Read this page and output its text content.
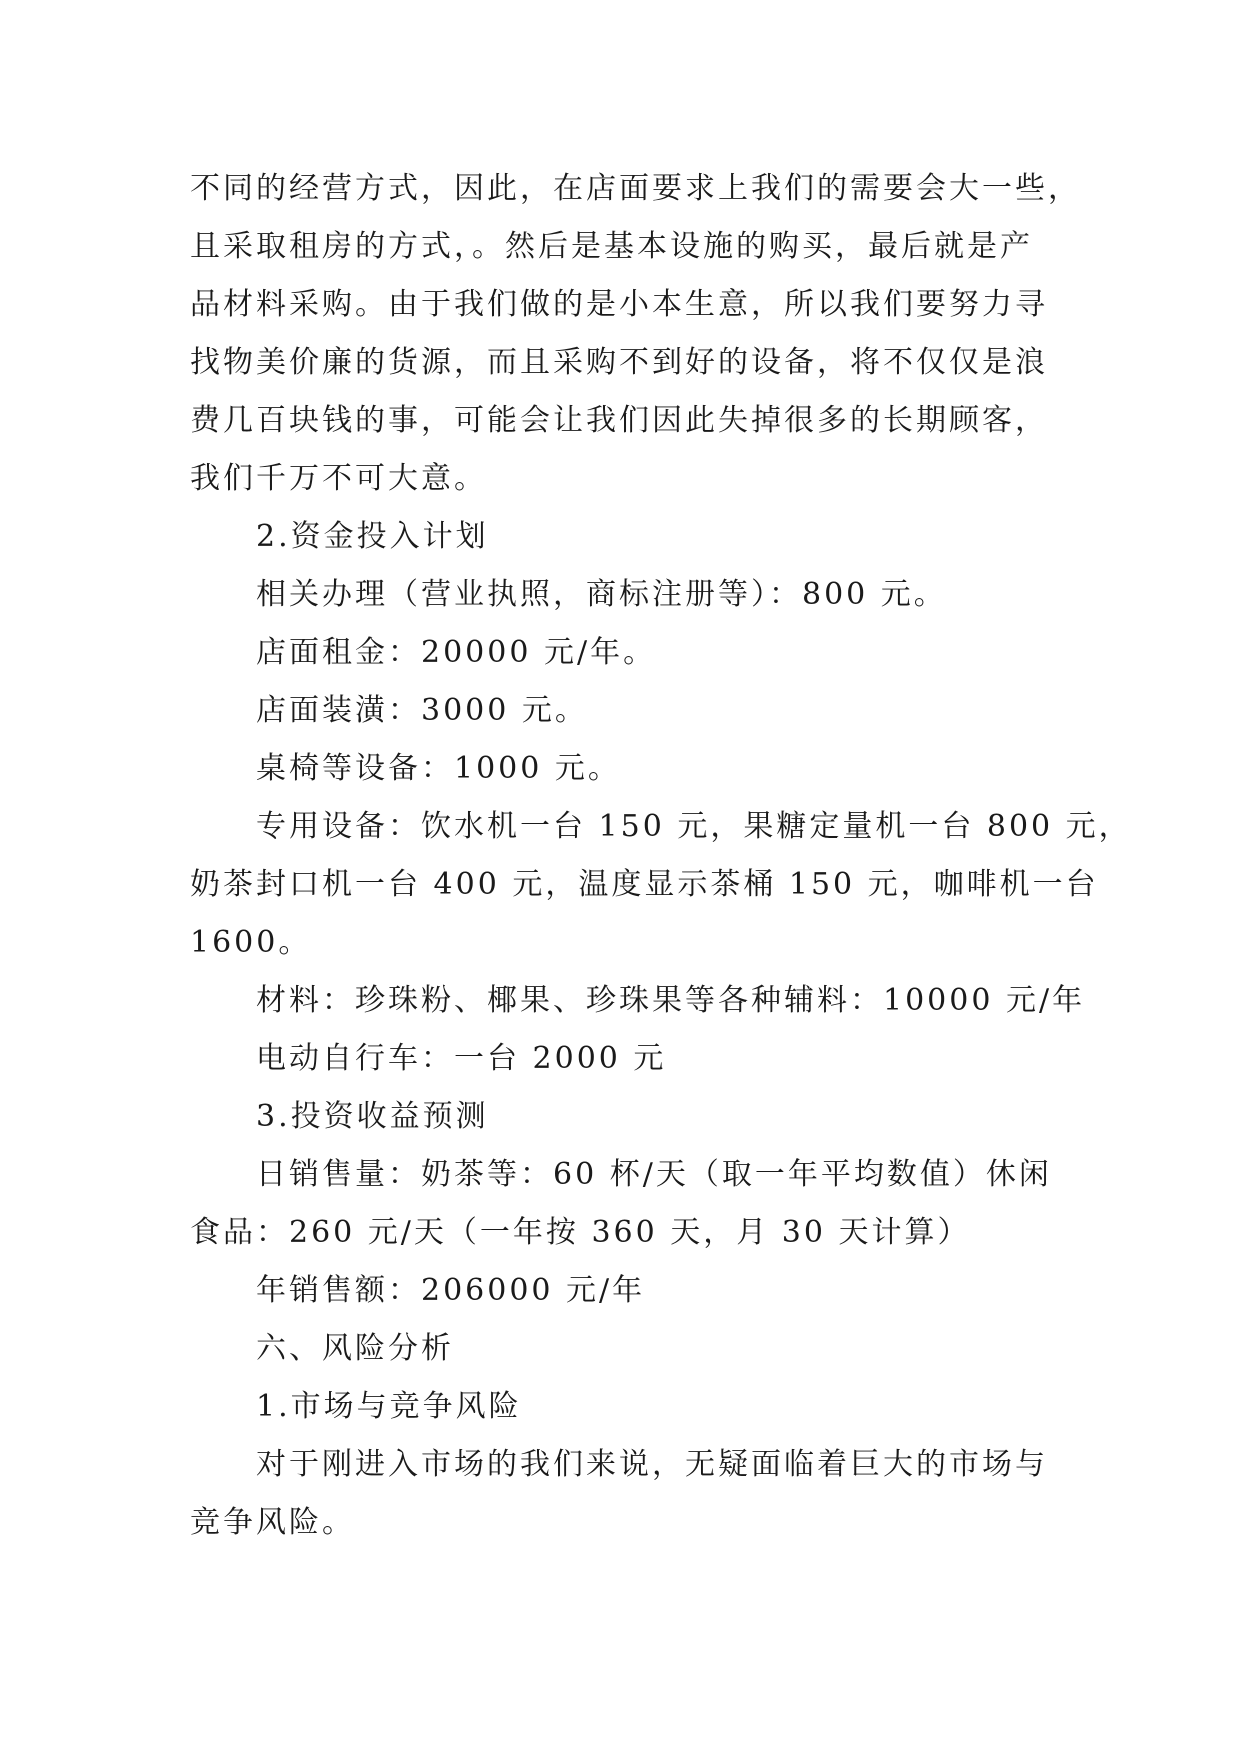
不同的经营方式，因此，在店面要求上我们的需要会大一些，
且采取租房的方式，。然后是基本设施的购买，最后就是产
品材料采购。由于我们做的是小本生意，所以我们要努力寻
找物美价廉的货源，而且采购不到好的设备，将不仅仅是浪
费几百块钱的事，可能会让我们因此失掉很多的长期顾客，
我们千万不可大意。
2.资金投入计划
相关办理（营业执照，商标注册等）：800 元。
店面租金：20000 元/年。
店面装潢：3000 元。
桌椅等设备：1000 元。
专用设备：饮水机一台 150 元，果糖定量机一台 800 元，
奶茶封口机一台 400 元，温度显示茶桶 150 元，咖啡机一台
1600。
材料：珍珠粉、椰果、珍珠果等各种辅料：10000 元/年
电动自行车：一台 2000 元
3.投资收益预测
日销售量：奶茶等：60 杯/天（取一年平均数值）休闲
食品：260 元/天（一年按 360 天，月 30 天计算）
年销售额：206000 元/年
六、风险分析
1.市场与竞争风险
对于刚进入市场的我们来说，无疑面临着巨大的市场与
竞争风险。
